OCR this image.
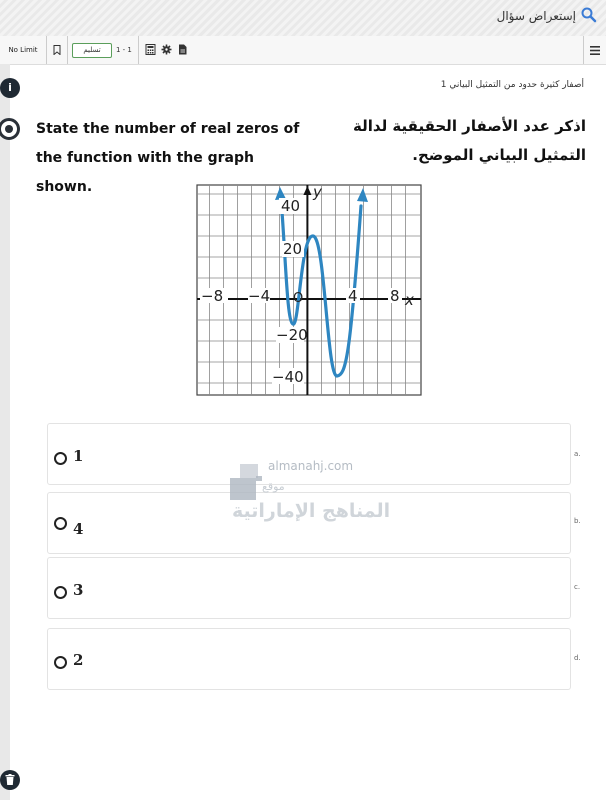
إستعراض سؤال
No Limit	تسليم	1 - 1
i	أصفار كثيرة حدود من التمثيل البياني 1
State the number of real zeros of the function with the graph shown.
اذكر عدد الأصفار الحقيقية لدالة التمثيل البياني الموضح.
40
20
−20
−40
−8 −4	4 8 x
y
O
1	a.
4	b.
3	c.
2	d.
almanahj.com
موقع
المناهج الإماراتية
